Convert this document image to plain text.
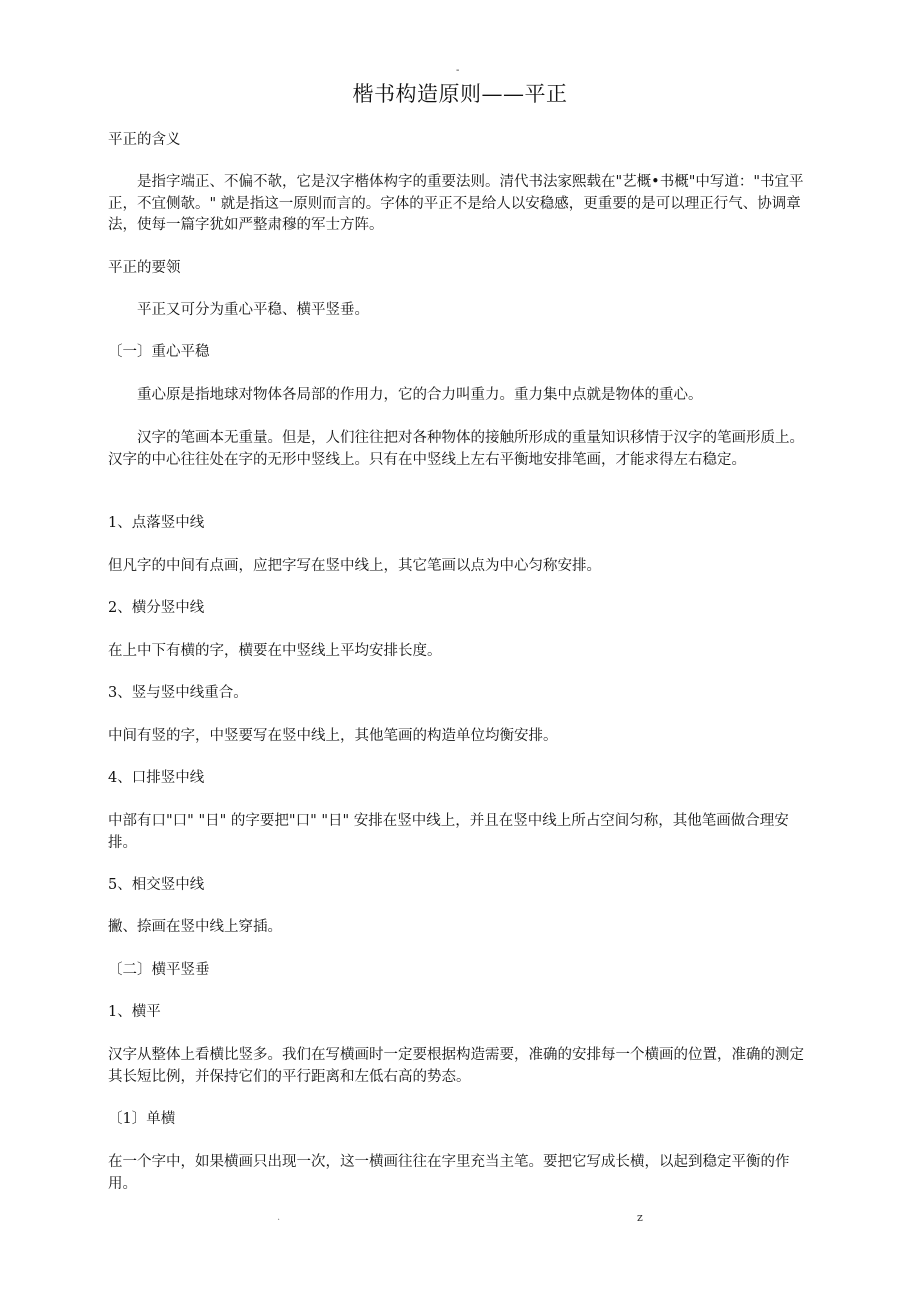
-
楷书构造原则——平正

平正的含义

是指字端正、不偏不欹，它是汉字楷体构字的重要法则。清代书法家熙载在"艺概•书概"中写道："书宜平正，不宜侧欹。" 就是指这一原则而言的。字体的平正不是给人以安稳感，更重要的是可以理正行气、协调章法，使每一篇字犹如严整肃穆的军士方阵。

平正的要领

平正又可分为重心平稳、横平竖垂。

〔一〕重心平稳

重心原是指地球对物体各局部的作用力，它的合力叫重力。重力集中点就是物体的重心。

汉字的笔画本无重量。但是，人们往往把对各种物体的接触所形成的重量知识移情于汉字的笔画形质上。汉字的中心往往处在字的无形中竖线上。只有在中竖线上左右平衡地安排笔画，才能求得左右稳定。

1、点落竖中线

但凡字的中间有点画，应把字写在竖中线上，其它笔画以点为中心匀称安排。

2、横分竖中线

在上中下有横的字，横要在中竖线上平均安排长度。

3、竖与竖中线重合。

中间有竖的字，中竖要写在竖中线上，其他笔画的构造单位均衡安排。

4、口排竖中线

中部有口"口" "日" 的字要把"口" "日" 安排在竖中线上，并且在竖中线上所占空间匀称，其他笔画做合理安排。

5、相交竖中线

撇、捺画在竖中线上穿插。

〔二〕横平竖垂

1、横平

汉字从整体上看横比竖多。我们在写横画时一定要根据构造需要，准确的安排每一个横画的位置，准确的测定其长短比例，并保持它们的平行距离和左低右高的势态。

〔1〕单横

在一个字中，如果横画只出现一次，这一横画往往在字里充当主笔。要把它写成长横，以起到稳定平衡的作用。

.	z
